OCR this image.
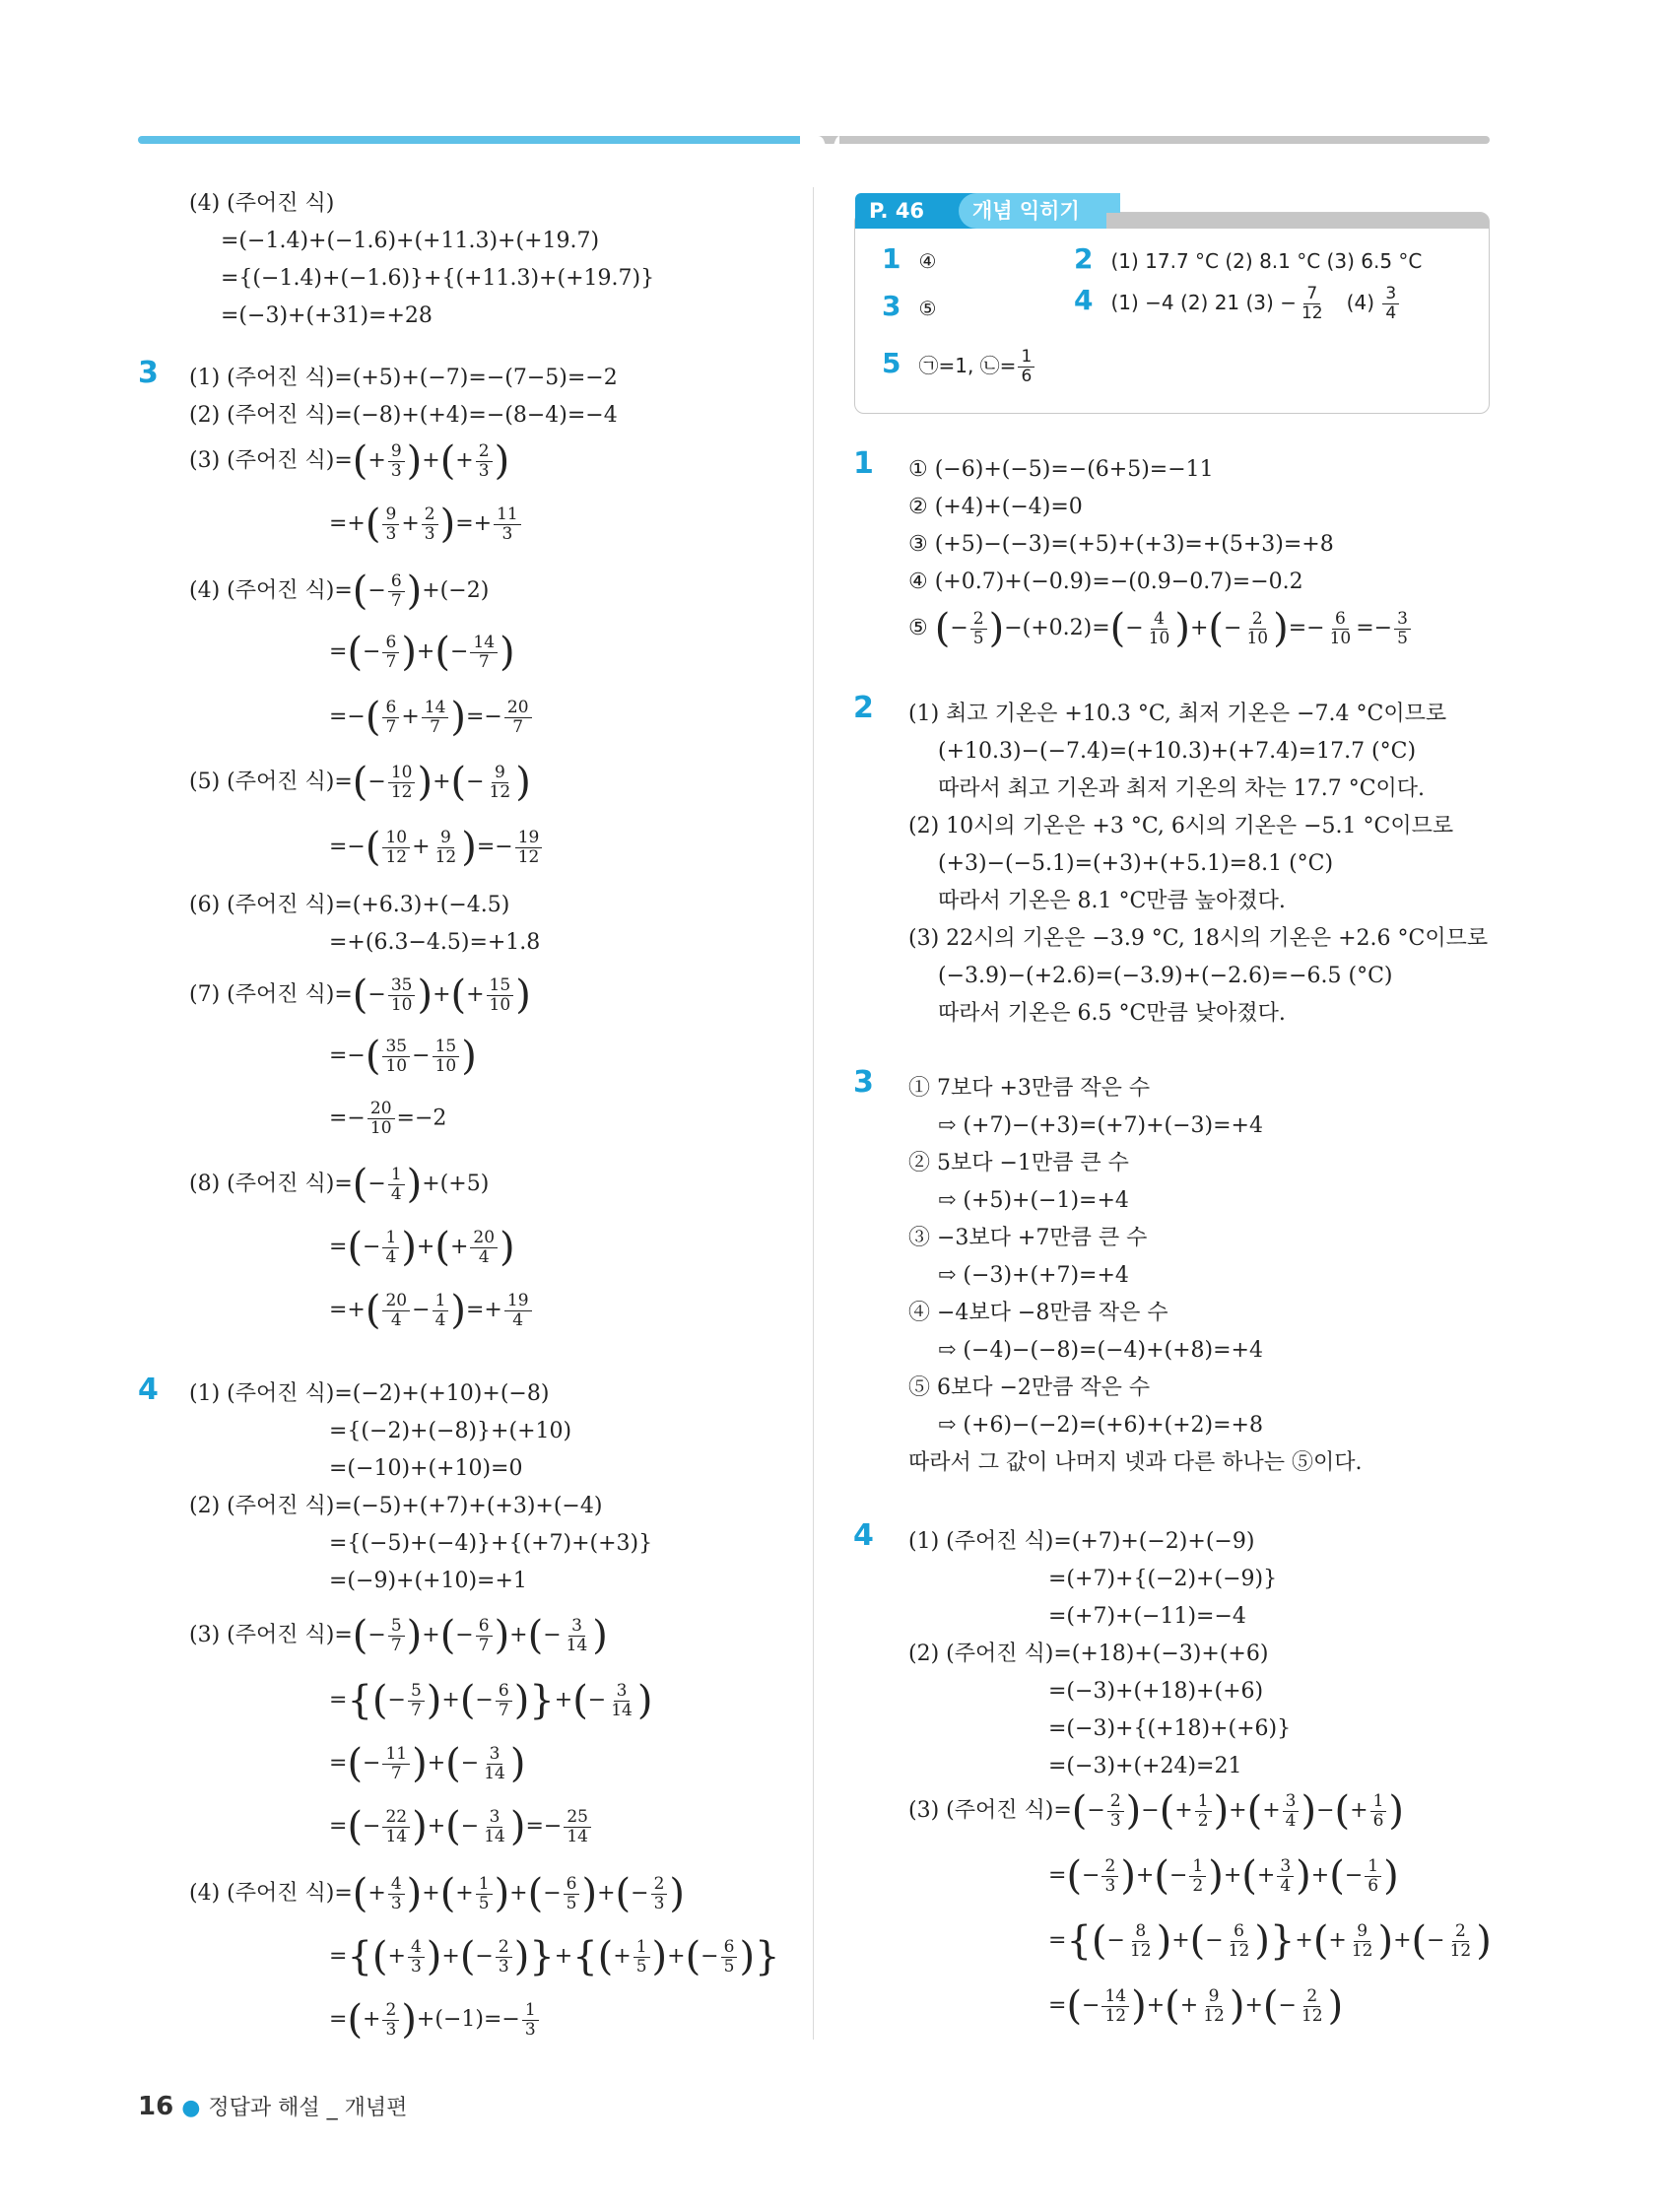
(4) (주어진 식)
=(−1.4)+(−1.6)+(+11.3)+(+19.7)
={(−1.4)+(−1.6)}+{(+11.3)+(+19.7)}
=(−3)+(+31)=+28
3 (1) (주어진 식)=(+5)+(−7)=−(7−5)=−2
(2) (주어진 식)=(−8)+(+4)=−(8−4)=−4
(3) (주어진 식)=(+ $\frac{9}{3}$ )+(+ $\frac{2}{3}$ )
=+( $\frac{9}{3} + \frac{2}{3}$ )=+ $\frac{11}{3}$
(4) (주어진 식)=(− $\frac{6}{7} )+(-2)$
=(− $\frac{6}{7}$ )+(− $\frac{14}{7}$ )
=−( $\frac{6}{7} + \frac{14}{7}$ )=− $\frac{20}{7}$
(5) (주어진 식)=(− $\frac{10}{12}$ )+(− $\frac{9}{12}$ )
=−( $\frac{10}{12} + \frac{9}{12}$ )=− $\frac{19}{12}$
(6) (주어진 식)=(+6.3)+(−4.5)
=+(6.3−4.5)=+1.8
(7) (주어진 식)=(− $\frac{35}{10}$ )+(+ $\frac{15}{10}$ )
=−( $\frac{35}{10} - \frac{15}{10}$ )
=− $\frac{20}{10} =-2$
(8) (주어진 식)=(− $\frac{1}{4} )+(+5)$
=(− $\frac{1}{4}$ )+(+ $\frac{20}{4}$ )
=+( $\frac{20}{4} - \frac{1}{4}$ )=+ $\frac{19}{4}$
4 (1) (주어진 식)=(−2)+(+10)+(−8)
={(−2)+(−8)}+(+10)
=(−10)+(+10)=0
(2) (주어진 식)=(−5)+(+7)+(+3)+(−4)
={(−5)+(−4)}+{(+7)+(+3)}
=(−9)+(+10)=+1
(3) (주어진 식)=(− $\frac{5}{7}$ )+(− $\frac{6}{7}$ )+(− $\frac{3}{14}$ )
={(− $\frac{5}{7}$ )+(− $\frac{6}{7}$ )}+(− $\frac{3}{14}$ )
=(− $\frac{11}{7}$ )+(− $\frac{3}{14}$ )
=(− $\frac{22}{14}$ )+(− $\frac{3}{14}$ )=− $\frac{25}{14}$
(4) (주어진 식)=(+ $\frac{4}{3}$ )+(+ $\frac{1}{5}$ )+(− $\frac{6}{5}$ )+(− $\frac{2}{3}$ )
={(+ $\frac{4}{3}$ )+(− $\frac{2}{3}$ )}+{(+ $\frac{1}{5}$ )+(− $\frac{6}{5}$ )}
=(+ $\frac{2}{3} )+(-1)=- \frac{1}{3}$
P. 46	개념 익히기
1 ④	2 (1) 17.7 °C (2) 8.1 °C (3) 6.5 °C
3 ⑤	4 (1) −4 (2) 21 $(3) - \frac{7}{12} (4) \frac{3}{4}$
5 ㉠=1, ㉡= $\frac{1}{6}$
1 ① (−6)+(−5)=−(6+5)=−11
② (+4)+(−4)=0
③ (+5)−(−3)=(+5)+(+3)=+(5+3)=+8
④ (+0.7)+(−0.9)=−(0.9−0.7)=−0.2
⑤ (− $\frac{2}{5} )-(+0.2)=(- \frac{4}{10}$ )+(− $\frac{2}{10}$ )=− $\frac{6}{10} =- \frac{3}{5}$
2 (1) 최고 기온은 +10.3 °C, 최저 기온은 −7.4 °C이므로
(+10.3)−(−7.4)=(+10.3)+(+7.4)=17.7 (°C)
따라서 최고 기온과 최저 기온의 차는 17.7 °C이다.
(2) 10시의 기온은 +3 °C, 6시의 기온은 −5.1 °C이므로
(+3)−(−5.1)=(+3)+(+5.1)=8.1 (°C)
따라서 기온은 8.1 °C만큼 높아졌다.
(3) 22시의 기온은 −3.9 °C, 18시의 기온은 +2.6 °C이므로
(−3.9)−(+2.6)=(−3.9)+(−2.6)=−6.5 (°C)
따라서 기온은 6.5 °C만큼 낮아졌다.
3 ① 7보다 +3만큼 작은 수
⇨ (+7)−(+3)=(+7)+(−3)=+4
② 5보다 −1만큼 큰 수
⇨ (+5)+(−1)=+4
③ −3보다 +7만큼 큰 수
⇨ (−3)+(+7)=+4
④ −4보다 −8만큼 작은 수
⇨ (−4)−(−8)=(−4)+(+8)=+4
⑤ 6보다 −2만큼 작은 수
⇨ (+6)−(−2)=(+6)+(+2)=+8
따라서 그 값이 나머지 넷과 다른 하나는 ⑤이다.
4 (1) (주어진 식)=(+7)+(−2)+(−9)
=(+7)+{(−2)+(−9)}
=(+7)+(−11)=−4
(2) (주어진 식)=(+18)+(−3)+(+6)
=(−3)+(+18)+(+6)
=(−3)+{(+18)+(+6)}
=(−3)+(+24)=21
(3) (주어진 식)=(− $\frac{2}{3}$ )−(+ $\frac{1}{2}$ )+(+ $\frac{3}{4}$ )−(+ $\frac{1}{6}$ )
=(− $\frac{2}{3}$ )+(− $\frac{1}{2}$ )+(+ $\frac{3}{4}$ )+(− $\frac{1}{6}$ )
={(− $\frac{8}{12}$ )+(− $\frac{6}{12}$ )}+(+ $\frac{9}{12}$ )+(− $\frac{2}{12}$ )
=(− $\frac{14}{12}$ )+(+ $\frac{9}{12}$ )+(− $\frac{2}{12}$ )
16 ● 정답과 해설 _ 개념편
